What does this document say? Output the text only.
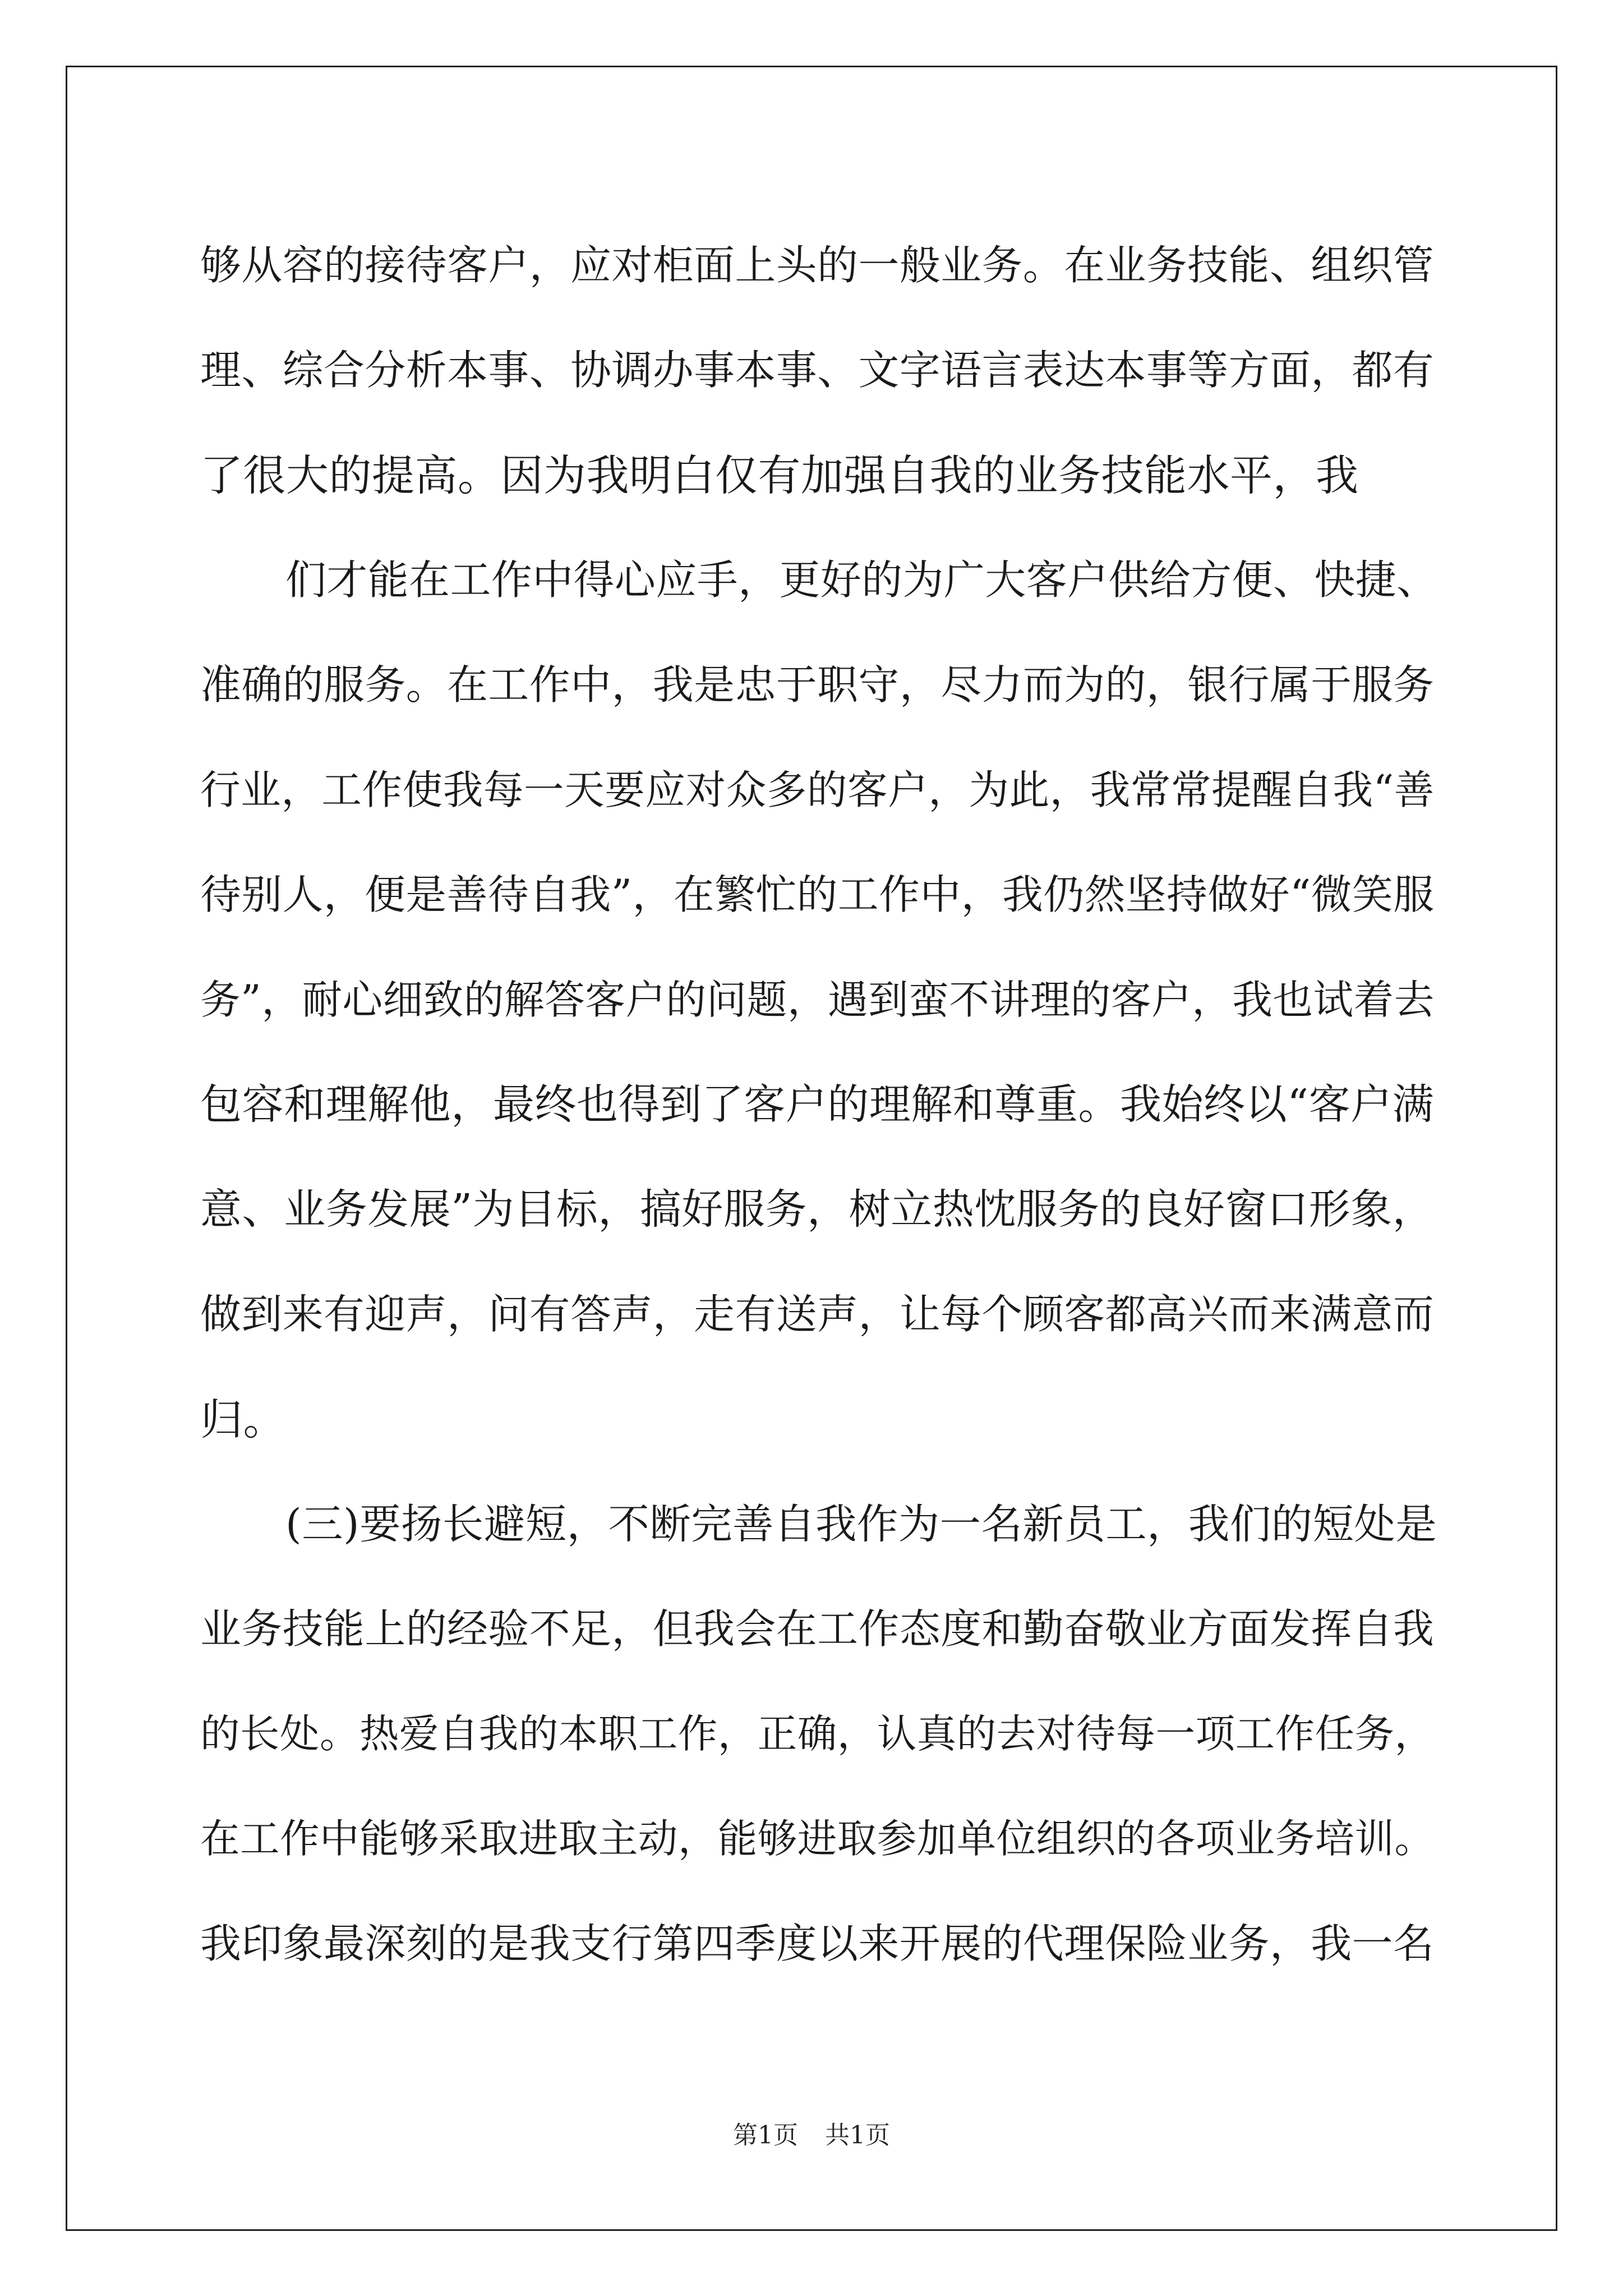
够从容的接待客户，应对柜面上头的一般业务。在业务技能、组织管
理、综合分析本事、协调办事本事、文字语言表达本事等方面，都有
了很大的提高。因为我明白仅有加强自我的业务技能水平，我
们才能在工作中得心应手，更好的为广大客户供给方便、快捷、
准确的服务。在工作中，我是忠于职守，尽力而为的，银行属于服务
行业，工作使我每一天要应对众多的客户，为此，我常常提醒自我“善
待别人，便是善待自我”，在繁忙的工作中，我仍然坚持做好“微笑服
务”，耐心细致的解答客户的问题，遇到蛮不讲理的客户，我也试着去
包容和理解他，最终也得到了客户的理解和尊重。我始终以“客户满
意、业务发展”为目标，搞好服务，树立热忱服务的良好窗口形象，
做到来有迎声，问有答声，走有送声，让每个顾客都高兴而来满意而
归。
(三)要扬长避短，不断完善自我作为一名新员工，我们的短处是
业务技能上的经验不足，但我会在工作态度和勤奋敬业方面发挥自我
的长处。热爱自我的本职工作，正确，认真的去对待每一项工作任务，
在工作中能够采取进取主动，能够进取参加单位组织的各项业务培训。
我印象最深刻的是我支行第四季度以来开展的代理保险业务，我一名
第1页 共1页
